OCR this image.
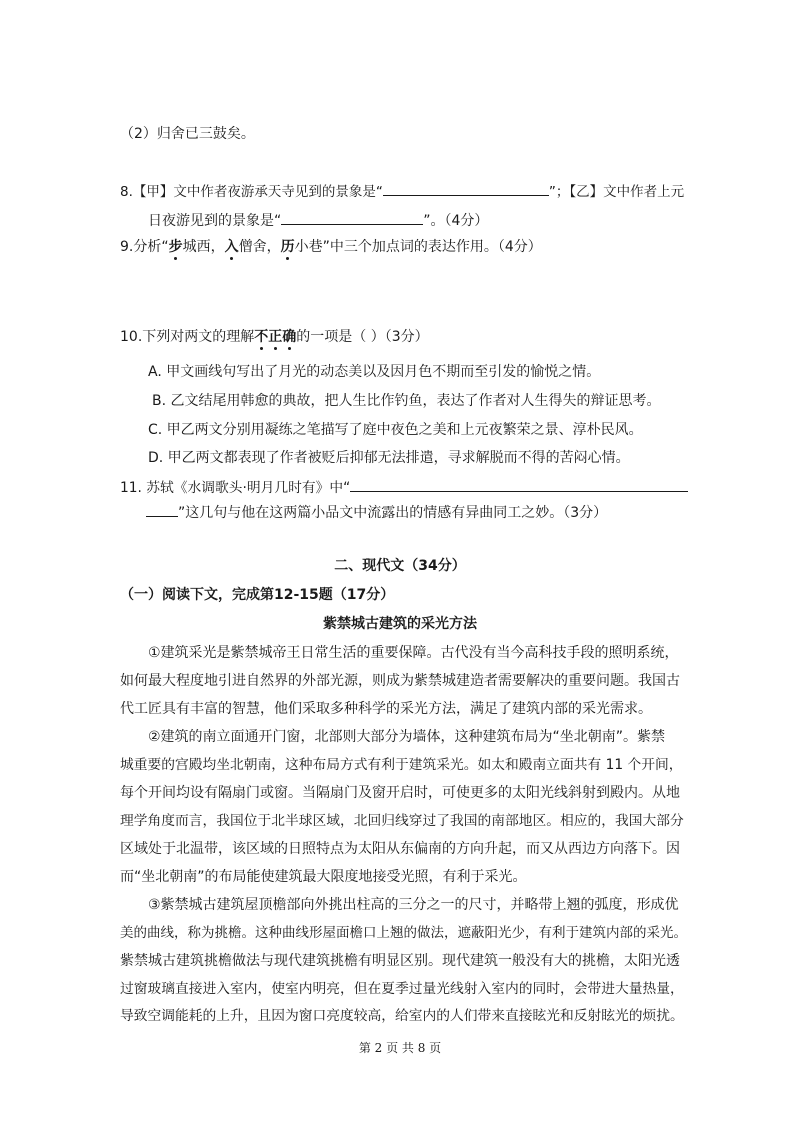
（2）归舍已三鼓矣。
8.【甲】文中作者夜游承天寺见到的景象是“	”；【乙】文中作者上元
日夜游见到的景象是“	”。（4分）
9.分析“步城西，入僧舍，历小巷”中三个加点词的表达作用。（4分）
10.下列对两文的理解不正确的一项是（ ）（3分）
A. 甲文画线句写出了月光的动态美以及因月色不期而至引发的愉悦之情。
B. 乙文结尾用韩愈的典故，把人生比作钓鱼，表达了作者对人生得失的辩证思考。
C. 甲乙两文分别用凝练之笔描写了庭中夜色之美和上元夜繁荣之景、淳朴民风。
D. 甲乙两文都表现了作者被贬后抑郁无法排遣，寻求解脱而不得的苦闷心情。
11. 苏轼《水调歌头·明月几时有》中“
”这几句与他在这两篇小品文中流露出的情感有异曲同工之妙。（3分）
二、现代文（34分）
（一）阅读下文，完成第12-15题（17分）
紫禁城古建筑的采光方法
①建筑采光是紫禁城帝王日常生活的重要保障。古代没有当今高科技手段的照明系统，
如何最大程度地引进自然界的外部光源，则成为紫禁城建造者需要解决的重要问题。我国古
代工匠具有丰富的智慧，他们采取多种科学的采光方法，满足了建筑内部的采光需求。
②建筑的南立面通开门窗，北部则大部分为墙体，这种建筑布局为“坐北朝南”。紫禁
城重要的宫殿均坐北朝南，这种布局方式有利于建筑采光。如太和殿南立面共有 11 个开间，
每个开间均设有隔扇门或窗。当隔扇门及窗开启时，可使更多的太阳光线斜射到殿内。从地
理学角度而言，我国位于北半球区域，北回归线穿过了我国的南部地区。相应的，我国大部分
区域处于北温带，该区域的日照特点为太阳从东偏南的方向升起，而又从西边方向落下。因
而“坐北朝南”的布局能使建筑最大限度地接受光照，有利于采光。
③紫禁城古建筑屋顶檐部向外挑出柱高的三分之一的尺寸，并略带上翘的弧度，形成优
美的曲线，称为挑檐。这种曲线形屋面檐口上翘的做法，遮蔽阳光少，有利于建筑内部的采光。
紫禁城古建筑挑檐做法与现代建筑挑檐有明显区别。现代建筑一般没有大的挑檐，太阳光透
过窗玻璃直接进入室内，使室内明亮，但在夏季过量光线射入室内的同时，会带进大量热量，
导致空调能耗的上升，且因为窗口亮度较高，给室内的人们带来直接眩光和反射眩光的烦扰。
第 2 页 共 8 页
